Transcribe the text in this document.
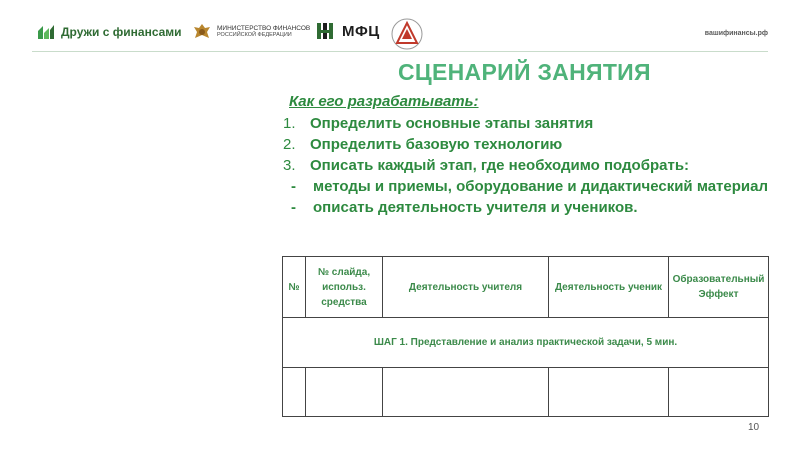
Дружи с финансами	МИНИСТЕРСТВО ФИНАНСОВ
РОССИЙСКОЙ ФЕДЕРАЦИИ	МФЦ	вашифинансы.рф
СЦЕНАРИЙ ЗАНЯТИЯ
Как его разрабатывать:
1. Определить основные этапы занятия
2. Определить базовую технологию
3. Описать каждый этап, где необходимо подобрать:
- методы и приемы, оборудование и дидактический материал
- описать деятельность учителя и учеников.
№	№ слайда, использ. средства	Деятельность учителя	Деятельность ученик	Образовательный Эффект
ШАГ 1. Представление и анализ практической задачи, 5 мин.				

10
